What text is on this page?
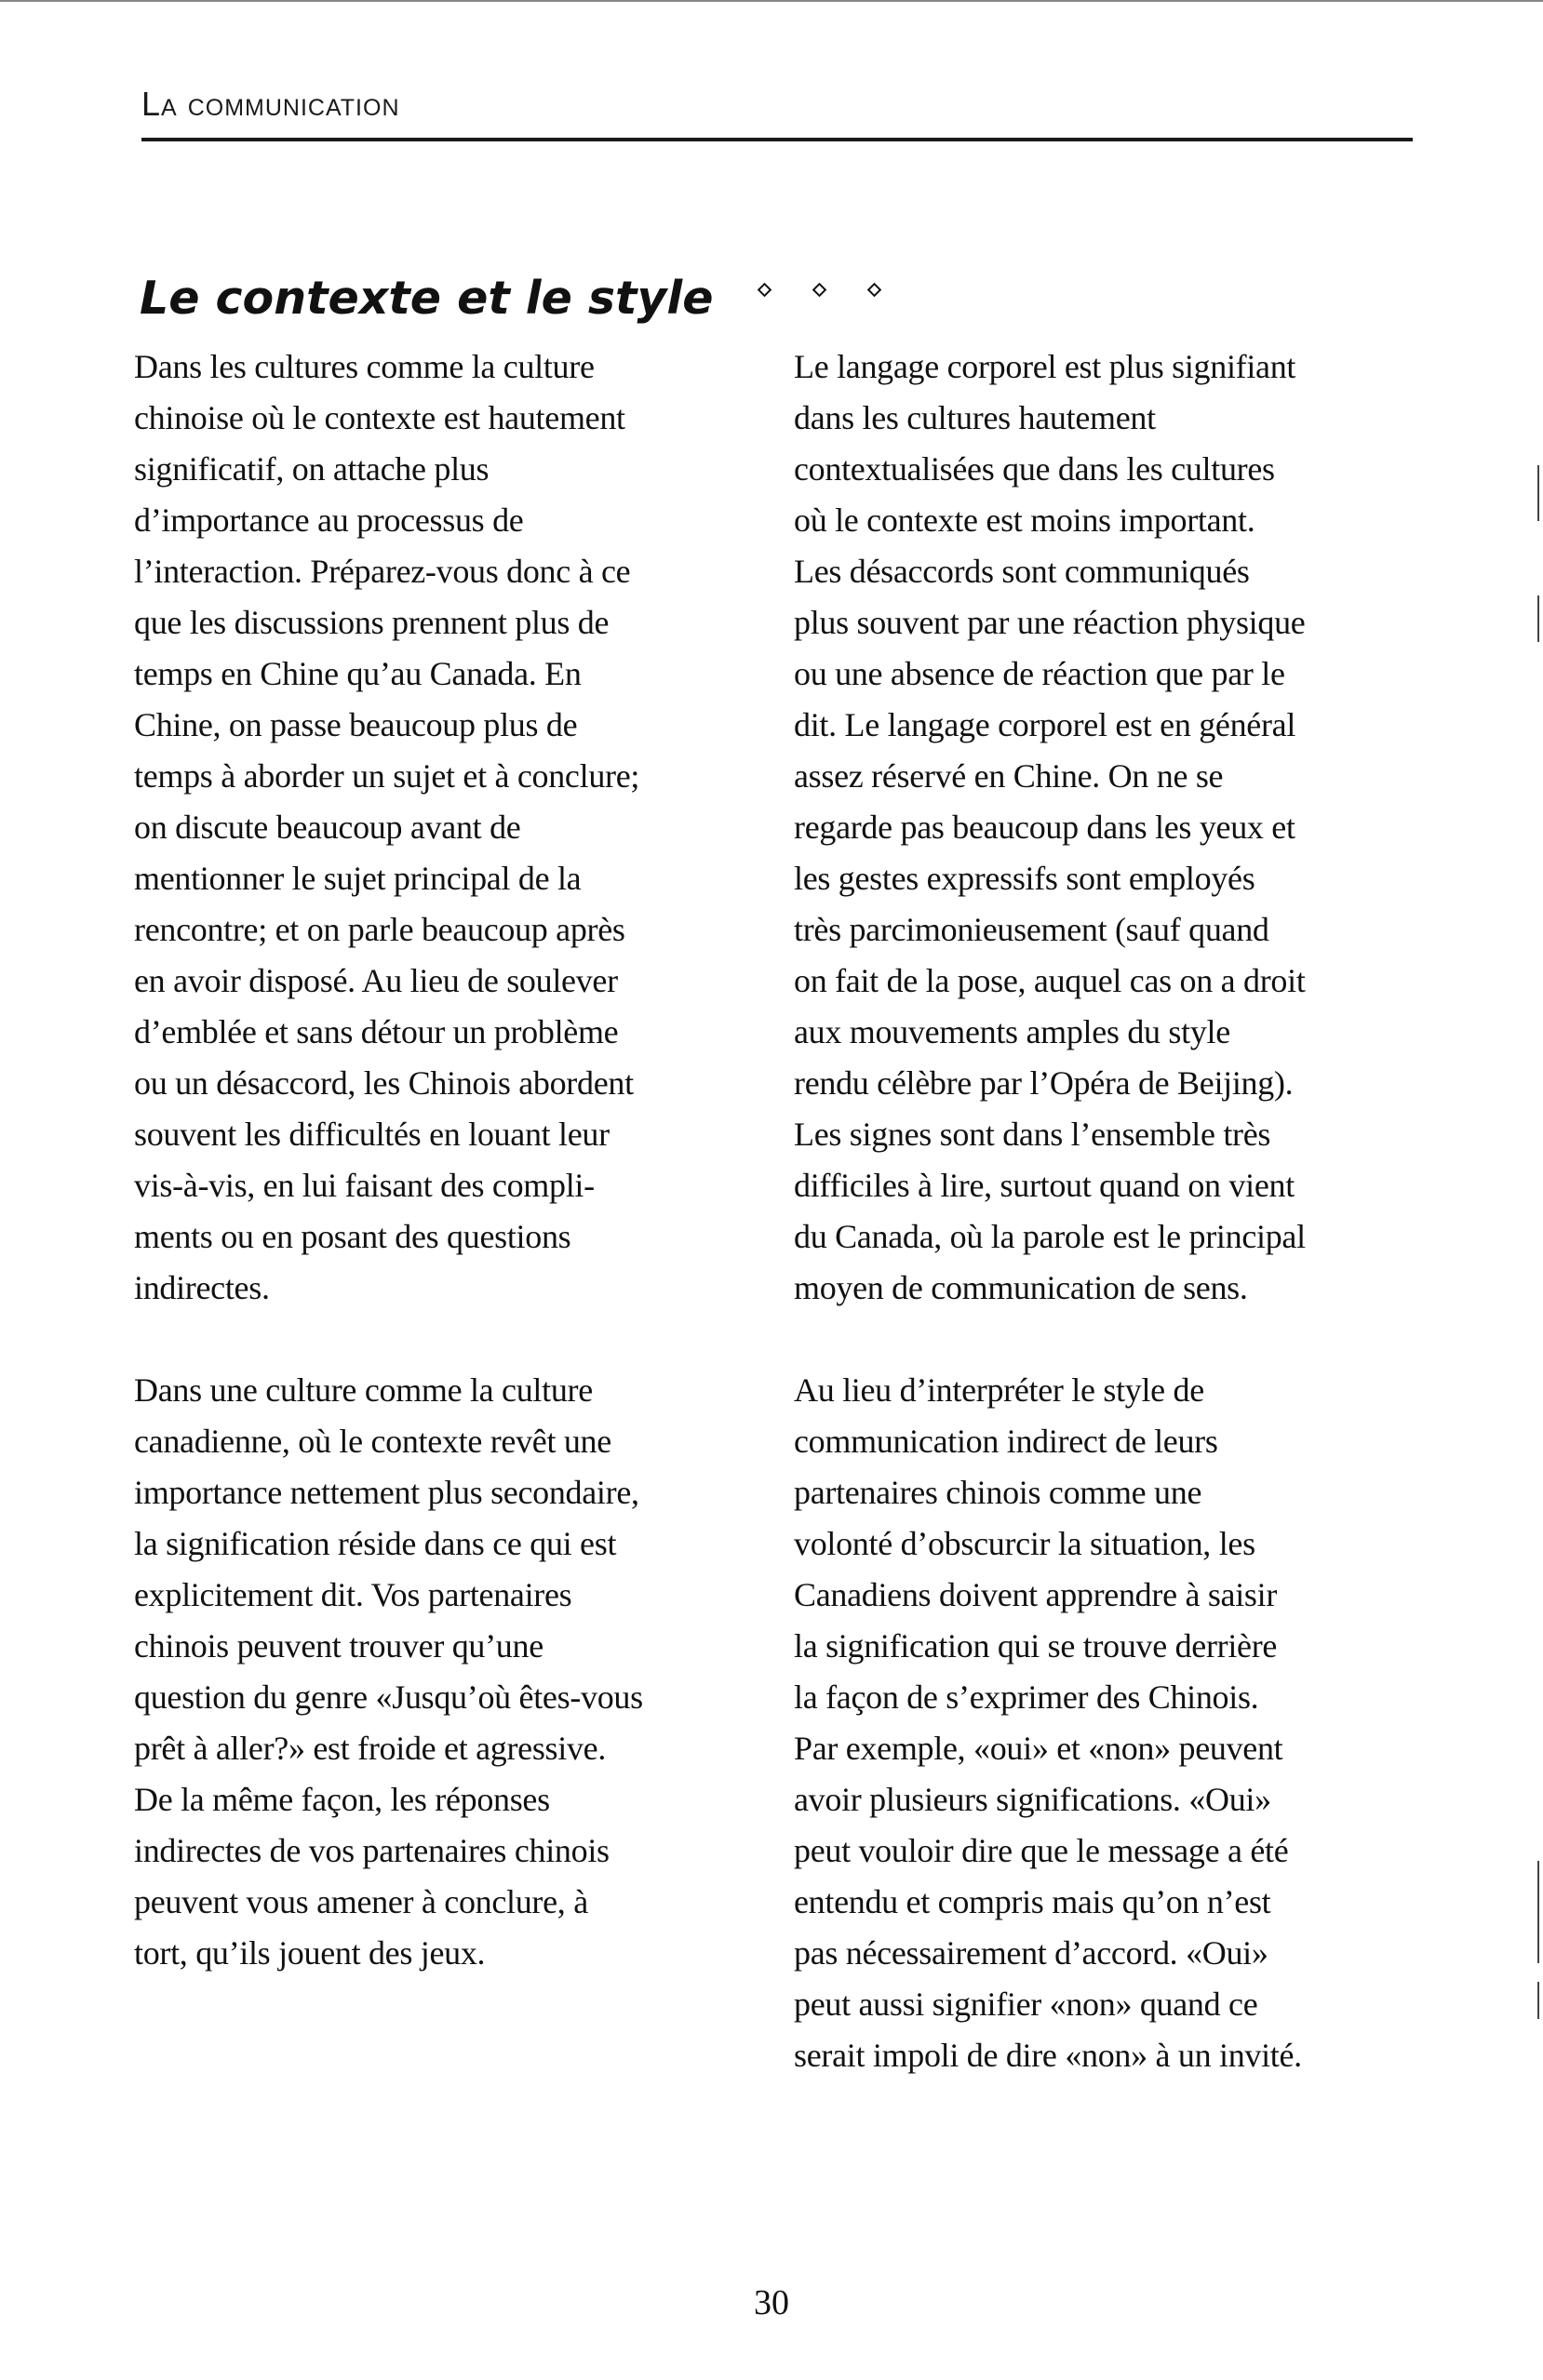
La communication
Le contexte et le style

Dans les cultures comme la culture
chinoise où le contexte est hautement
significatif, on attache plus
d’importance au processus de
l’interaction. Préparez-vous donc à ce
que les discussions prennent plus de
temps en Chine qu’au Canada. En
Chine, on passe beaucoup plus de
temps à aborder un sujet et à conclure;
on discute beaucoup avant de
mentionner le sujet principal de la
rencontre; et on parle beaucoup après
en avoir disposé. Au lieu de soulever
d’emblée et sans détour un problème
ou un désaccord, les Chinois abordent
souvent les difficultés en louant leur
vis-à-vis, en lui faisant des compli-
ments ou en posant des questions
indirectes.

Dans une culture comme la culture
canadienne, où le contexte revêt une
importance nettement plus secondaire,
la signification réside dans ce qui est
explicitement dit. Vos partenaires
chinois peuvent trouver qu’une
question du genre «Jusqu’où êtes-vous
prêt à aller?» est froide et agressive.
De la même façon, les réponses
indirectes de vos partenaires chinois
peuvent vous amener à conclure, à
tort, qu’ils jouent des jeux.

Le langage corporel est plus signifiant
dans les cultures hautement
contextualisées que dans les cultures
où le contexte est moins important.
Les désaccords sont communiqués
plus souvent par une réaction physique
ou une absence de réaction que par le
dit. Le langage corporel est en général
assez réservé en Chine. On ne se
regarde pas beaucoup dans les yeux et
les gestes expressifs sont employés
très parcimonieusement (sauf quand
on fait de la pose, auquel cas on a droit
aux mouvements amples du style
rendu célèbre par l’Opéra de Beijing).
Les signes sont dans l’ensemble très
difficiles à lire, surtout quand on vient
du Canada, où la parole est le principal
moyen de communication de sens.

Au lieu d’interpréter le style de
communication indirect de leurs
partenaires chinois comme une
volonté d’obscurcir la situation, les
Canadiens doivent apprendre à saisir
la signification qui se trouve derrière
la façon de s’exprimer des Chinois.
Par exemple, «oui» et «non» peuvent
avoir plusieurs significations. «Oui»
peut vouloir dire que le message a été
entendu et compris mais qu’on n’est
pas nécessairement d’accord. «Oui»
peut aussi signifier «non» quand ce
serait impoli de dire «non» à un invité.

30
